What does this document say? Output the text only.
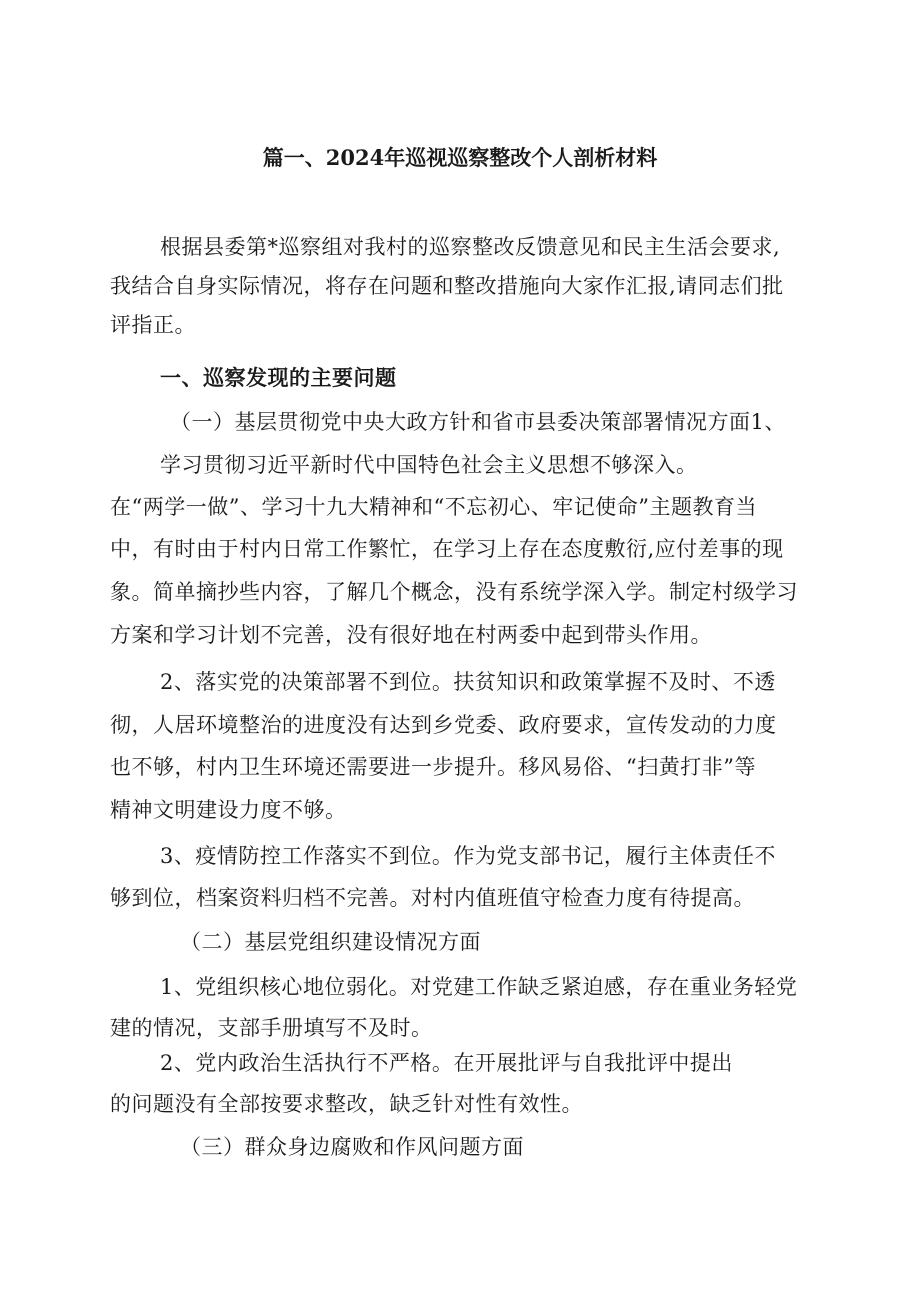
篇一、2024年巡视巡察整改个人剖析材料
根据县委第*巡察组对我村的巡察整改反馈意见和民主生活会要求,
我结合自身实际情况，将存在问题和整改措施向大家作汇报,请同志们批
评指正。
一、巡察发现的主要问题
（一）基层贯彻党中央大政方针和省市县委决策部署情况方面1、
学习贯彻习近平新时代中国特色社会主义思想不够深入。
在“两学一做”、学习十九大精神和“不忘初心、牢记使命”主题教育当
中，有时由于村内日常工作繁忙，在学习上存在态度敷衍,应付差事的现
象。简单摘抄些内容，了解几个概念，没有系统学深入学。制定村级学习
方案和学习计划不完善，没有很好地在村两委中起到带头作用。
2、落实党的决策部署不到位。扶贫知识和政策掌握不及时、不透
彻，人居环境整治的进度没有达到乡党委、政府要求，宣传发动的力度
也不够，村内卫生环境还需要进一步提升。移风易俗、“扫黄打非”等
精神文明建设力度不够。
3、疫情防控工作落实不到位。作为党支部书记，履行主体责任不
够到位，档案资料归档不完善。对村内值班值守检查力度有待提高。
（二）基层党组织建设情况方面
1、党组织核心地位弱化。对党建工作缺乏紧迫感，存在重业务轻党
建的情况，支部手册填写不及时。
2、党内政治生活执行不严格。在开展批评与自我批评中提出
的问题没有全部按要求整改，缺乏针对性有效性。
（三）群众身边腐败和作风问题方面
